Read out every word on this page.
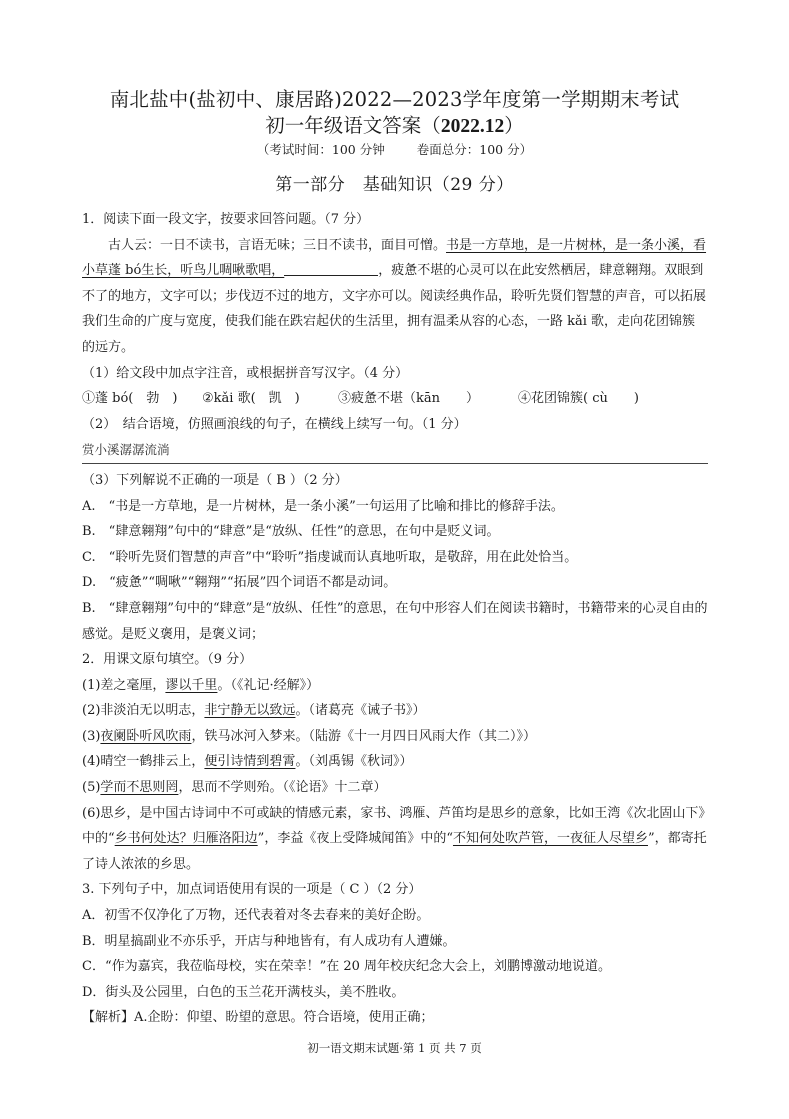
南北盐中(盐初中、康居路)2022—2023学年度第一学期期末考试
初一年级语文答案（2022.12）
（考试时间：100 分钟	卷面总分：100 分）
第一部分　基础知识（29 分）

1．阅读下面一段文字，按要求回答问题。（7 分）

古人云：一日不读书，言语无味；三日不读书，面目可憎。书是一方草地，是一片树林，是一条小溪，看小草蓬 bó生长，听鸟儿啁啾歌唱，	，疲惫不堪的心灵可以在此安然栖居，肆意翱翔。双眼到不了的地方，文字可以；步伐迈不过的地方，文字亦可以。阅读经典作品，聆听先贤们智慧的声音，可以拓展我们生命的广度与宽度，使我们能在跌宕起伏的生活里，拥有温柔从容的心态，一路 kǎi 歌，走向花团锦簇的远方。

（1）给文段中加点字注音，或根据拼音写汉字。（4 分）

①蓬 bó(　勃　)	②kǎi 歌(　凯　)	③疲惫不堪（kān　　）	④花团锦簇( cù　　)

（2）　结合语境，仿照画浪线的句子，在横线上续写一句。（1 分）

赏小溪潺潺流淌

（3）下列解说不正确的一项是（ B ）（2 分）

A.　“书是一方草地，是一片树林，是一条小溪”一句运用了比喻和排比的修辞手法。

B.　“肆意翱翔”句中的“肆意”是“放纵、任性”的意思，在句中是贬义词。

C.　“聆听先贤们智慧的声音”中“聆听”指虔诚而认真地听取，是敬辞，用在此处恰当。

D.　“疲惫”“啁啾”“翱翔”“拓展”四个词语不都是动词。

B.　“肆意翱翔”句中的“肆意”是“放纵、任性”的意思，在句中形容人们在阅读书籍时，书籍带来的心灵自由的感觉。是贬义褒用，是褒义词；

2．用课文原句填空。（9 分）

(1)差之毫厘，谬以千里。（《礼记·经解》）

(2)非淡泊无以明志，非宁静无以致远。（诸葛亮《诫子书》）

(3)夜阑卧听风吹雨，铁马冰河入梦来。（陆游《十一月四日风雨大作（其二）》）

(4)晴空一鹤排云上，便引诗情到碧霄。（刘禹锡《秋词》）

(5)学而不思则罔，思而不学则殆。（《论语》十二章）

(6)思乡，是中国古诗词中不可或缺的情感元素，家书、鸿雁、芦笛均是思乡的意象，比如王湾《次北固山下》中的“乡书何处达？归雁洛阳边”，李益《夜上受降城闻笛》中的“不知何处吹芦管，一夜征人尽望乡”，都寄托了诗人浓浓的乡思。

3. 下列句子中，加点词语使用有误的一项是（ C ）（2 分）

A．初雪不仅净化了万物，还代表着对冬去春来的美好企盼。

B．明星搞副业不亦乐乎，开店与种地皆有，有人成功有人遭嫌。

C．“作为嘉宾，我莅临母校，实在荣幸！”在 20 周年校庆纪念大会上，刘鹏博激动地说道。

D．街头及公园里，白色的玉兰花开满枝头，美不胜收。

【解析】A.企盼：仰望、盼望的意思。符合语境，使用正确；

初一语文期末试题·第 1 页 共 7 页
